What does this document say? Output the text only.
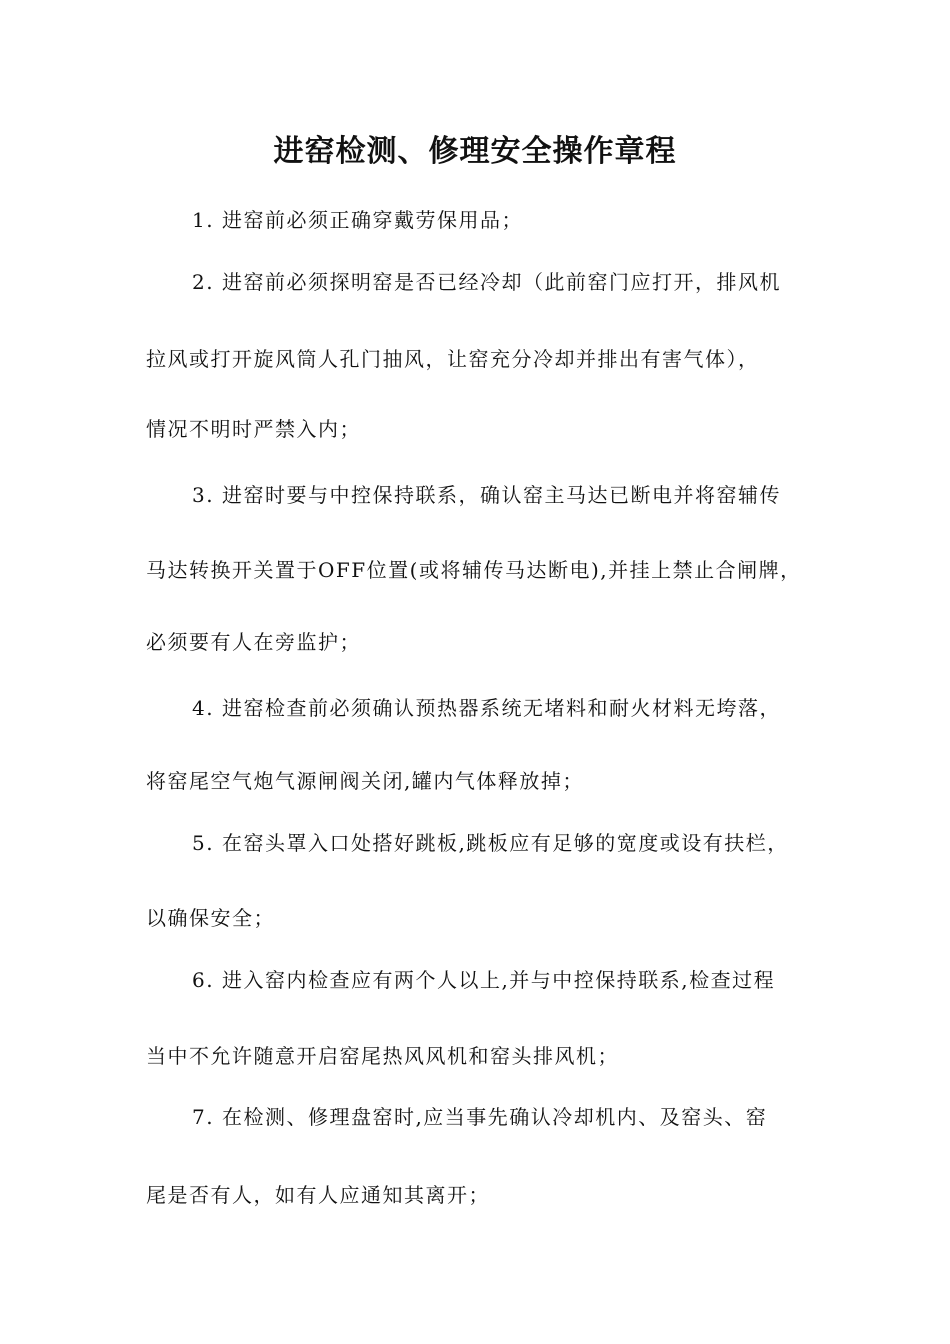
进窑检测、修理安全操作章程

1. 进窑前必须正确穿戴劳保用品；

2. 进窑前必须探明窑是否已经冷却（此前窑门应打开，排风机

拉风或打开旋风筒人孔门抽风，让窑充分冷却并排出有害气体），

情况不明时严禁入内；

3. 进窑时要与中控保持联系，确认窑主马达已断电并将窑辅传

马达转换开关置于OFF位置(或将辅传马达断电),并挂上禁止合闸牌，

必须要有人在旁监护；

4. 进窑检查前必须确认预热器系统无堵料和耐火材料无垮落，

将窑尾空气炮气源闸阀关闭,罐内气体释放掉；

5. 在窑头罩入口处搭好跳板,跳板应有足够的宽度或设有扶栏，

以确保安全；

6. 进入窑内检查应有两个人以上,并与中控保持联系,检查过程

当中不允许随意开启窑尾热风风机和窑头排风机；

7. 在检测、修理盘窑时,应当事先确认冷却机内、及窑头、窑

尾是否有人，如有人应通知其离开；
